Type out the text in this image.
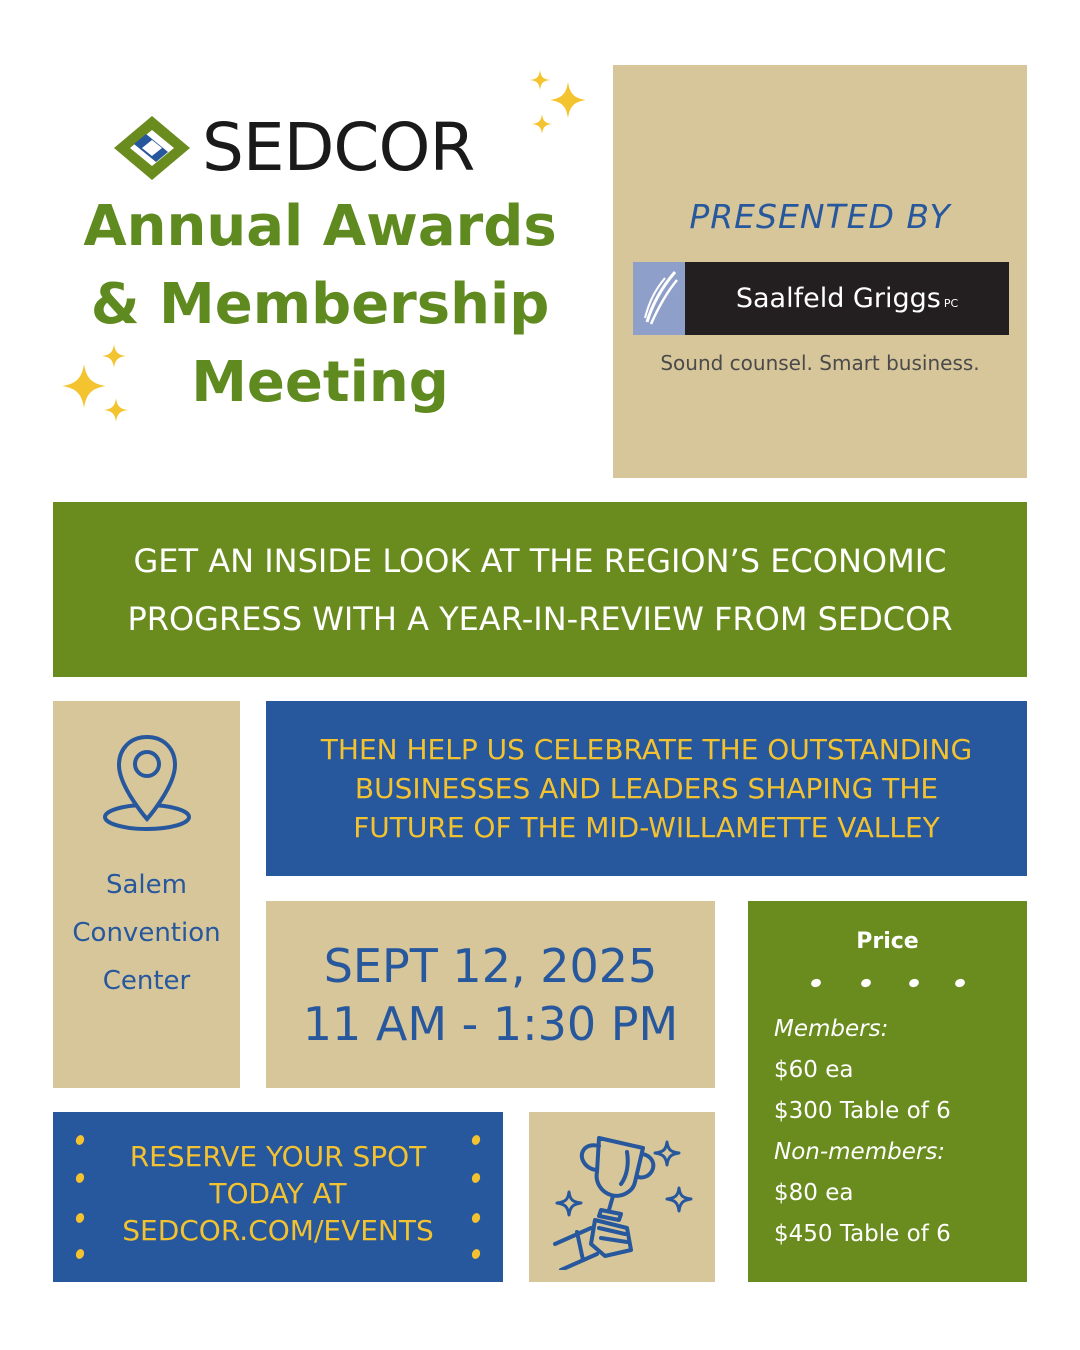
SEDCOR
Annual Awards
& Membership
Meeting
PRESENTED BY
Saalfeld Griggs PC
Sound counsel. Smart business.
GET AN INSIDE LOOK AT THE REGION’S ECONOMIC
PROGRESS WITH A YEAR-IN-REVIEW FROM SEDCOR
Salem
Convention
Center
THEN HELP US CELEBRATE THE OUTSTANDING
BUSINESSES AND LEADERS SHAPING THE
FUTURE OF THE MID-WILLAMETTE VALLEY
SEPT 12, 2025
11 AM - 1:30 PM
Price
Members:
$60 ea
$300 Table of 6
Non-members:
$80 ea
$450 Table of 6
RESERVE YOUR SPOT
TODAY AT
SEDCOR.COM/EVENTS
